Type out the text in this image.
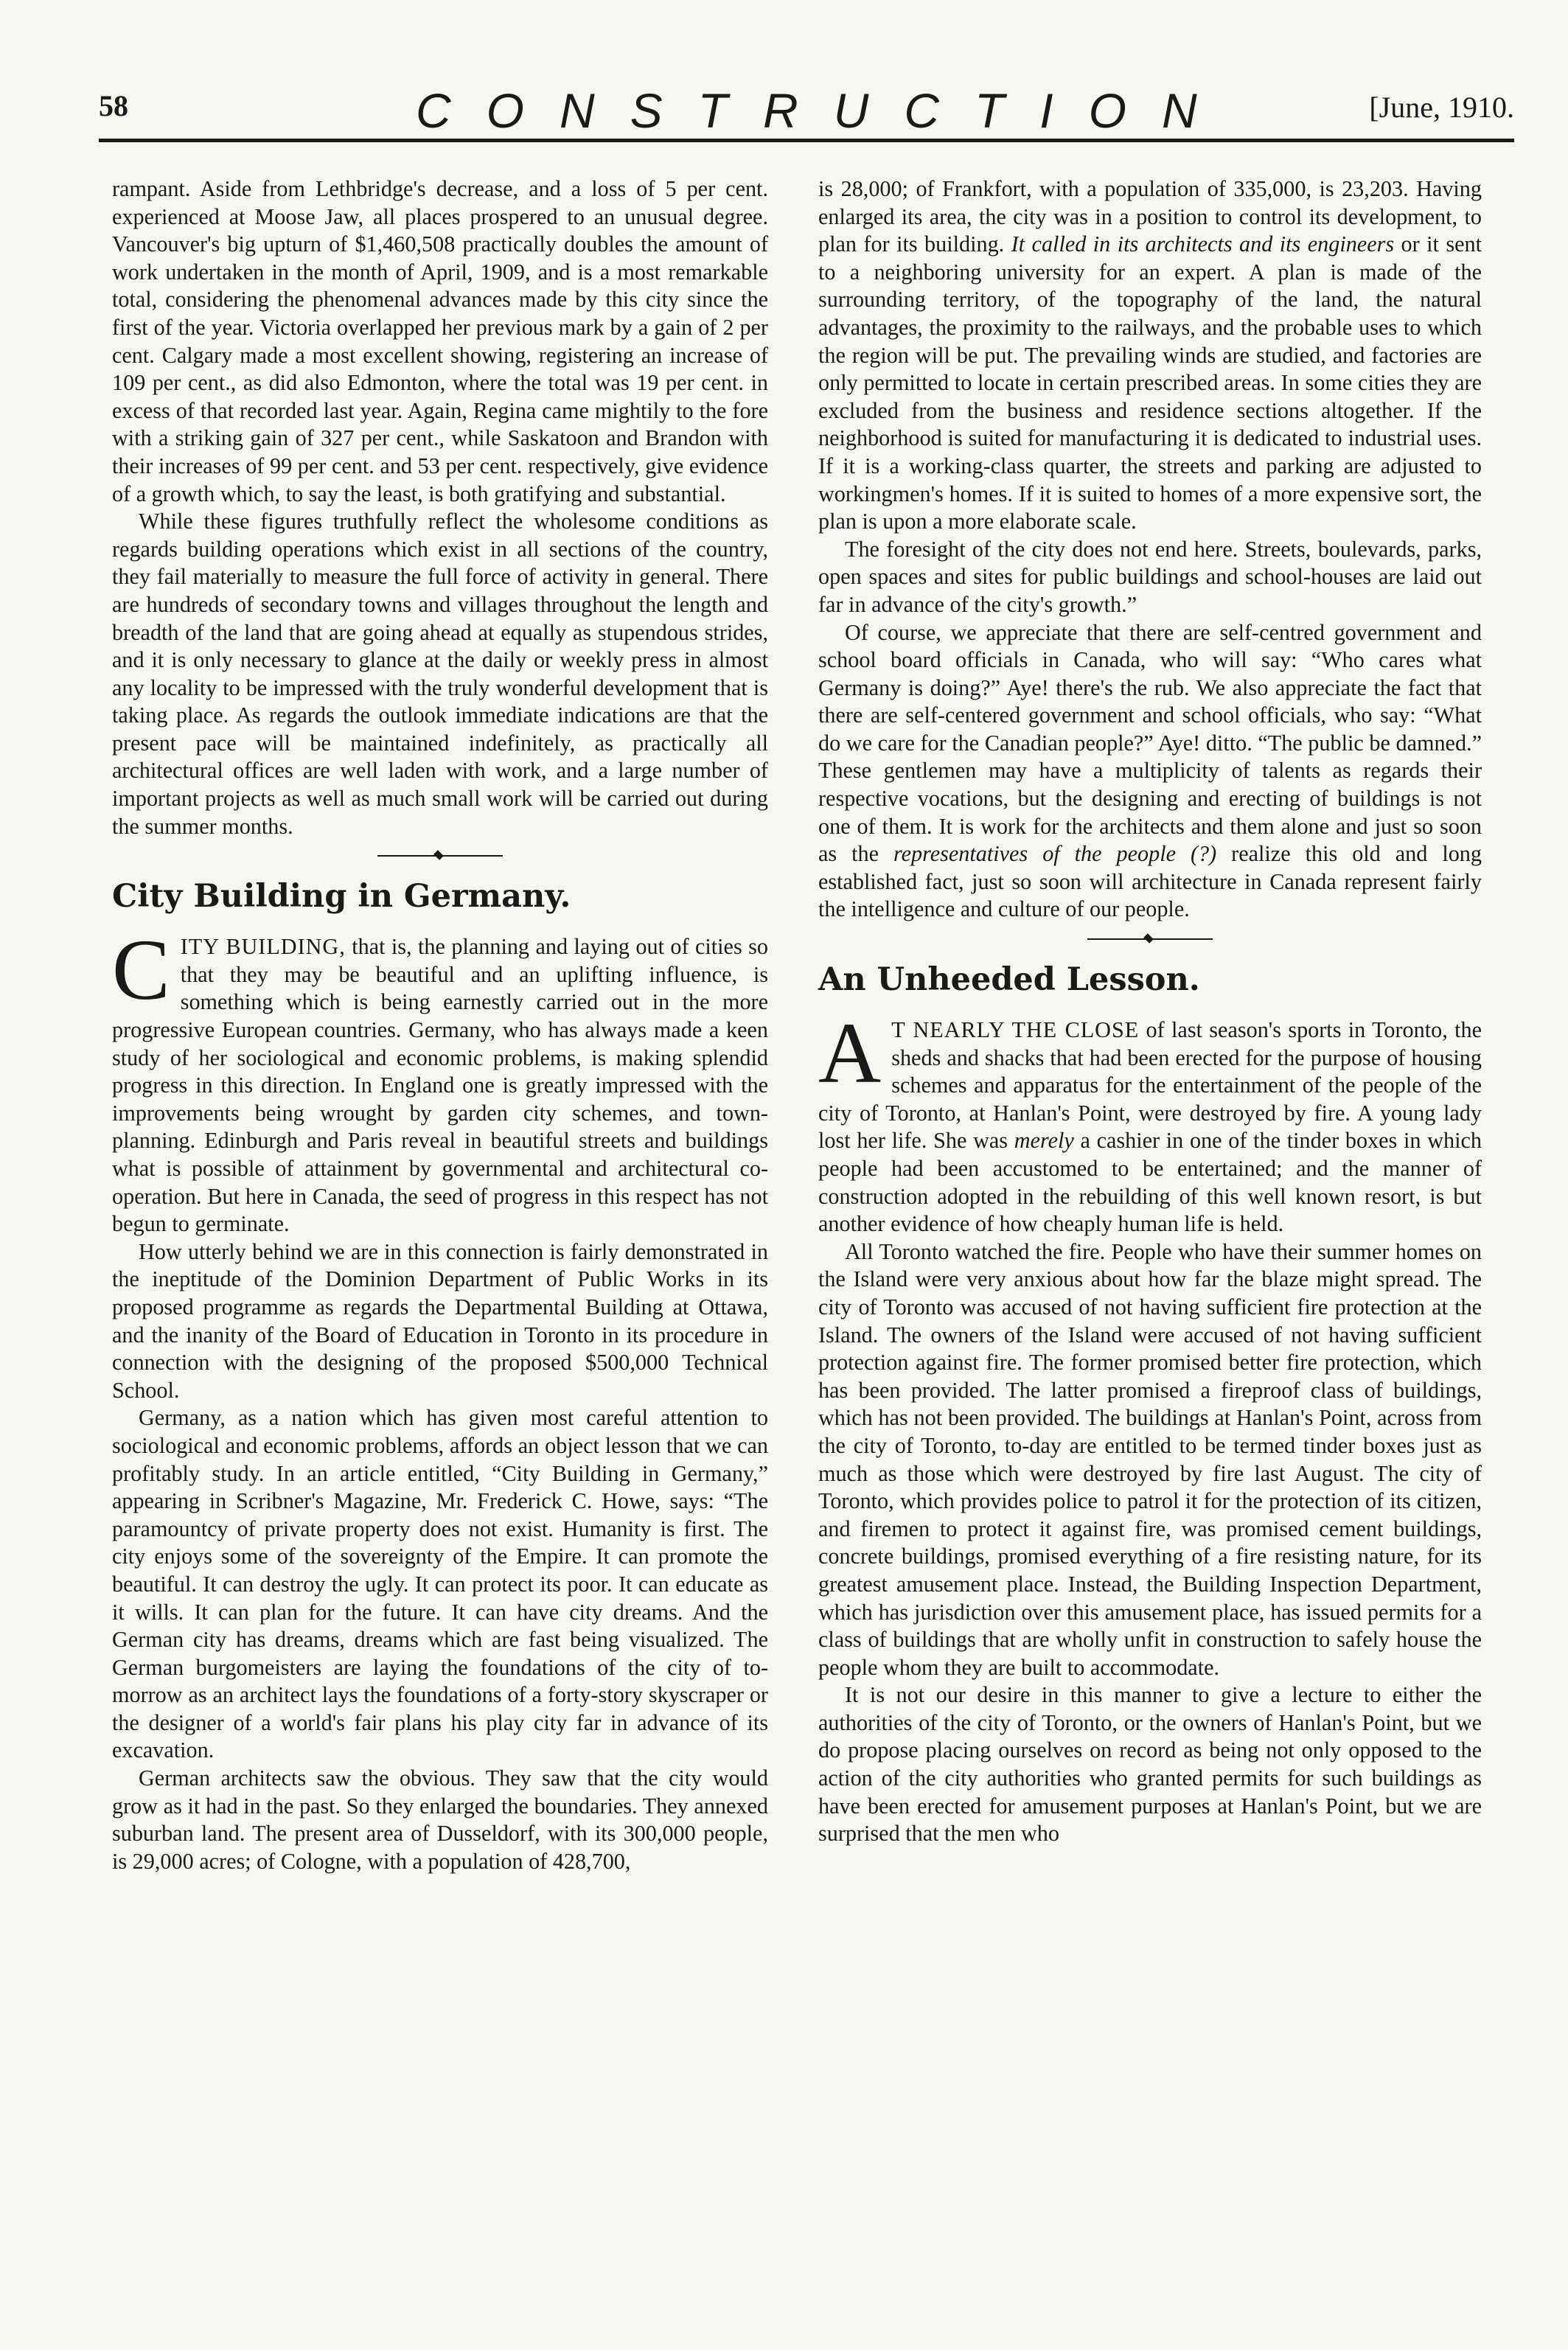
58	CONSTRUCTION	[June, 1910.

rampant. Aside from Lethbridge's decrease, and a loss of 5 per cent. experienced at Moose Jaw, all places prospered to an unusual degree. Vancouver's big upturn of $1,460,508 practically doubles the amount of work undertaken in the month of April, 1909, and is a most remarkable total, considering the phenomenal advances made by this city since the first of the year. Victoria overlapped her previous mark by a gain of 2 per cent. Calgary made a most excellent showing, registering an increase of 109 per cent., as did also Edmonton, where the total was 19 per cent. in excess of that recorded last year. Again, Regina came mightily to the fore with a striking gain of 327 per cent., while Saskatoon and Brandon with their increases of 99 per cent. and 53 per cent. respectively, give evidence of a growth which, to say the least, is both gratifying and substantial.

While these figures truthfully reflect the wholesome conditions as regards building operations which exist in all sections of the country, they fail materially to measure the full force of activity in general. There are hundreds of secondary towns and villages throughout the length and breadth of the land that are going ahead at equally as stupendous strides, and it is only necessary to glance at the daily or weekly press in almost any locality to be impressed with the truly wonderful development that is taking place. As regards the outlook immediate indications are that the present pace will be maintained indefinitely, as practically all architectural offices are well laden with work, and a large number of important projects as well as much small work will be carried out during the summer months.

City Building in Germany.

CITY BUILDING, that is, the planning and laying out of cities so that they may be beautiful and an uplifting influence, is something which is being earnestly carried out in the more progressive European countries. Germany, who has always made a keen study of her sociological and economic problems, is making splendid progress in this direction. In England one is greatly impressed with the improvements being wrought by garden city schemes, and town-planning. Edinburgh and Paris reveal in beautiful streets and buildings what is possible of attainment by governmental and architectural co-operation. But here in Canada, the seed of progress in this respect has not begun to germinate.

How utterly behind we are in this connection is fairly demonstrated in the ineptitude of the Dominion Department of Public Works in its proposed programme as regards the Departmental Building at Ottawa, and the inanity of the Board of Education in Toronto in its procedure in connection with the designing of the proposed $500,000 Technical School.

Germany, as a nation which has given most careful attention to sociological and economic problems, affords an object lesson that we can profitably study. In an article entitled, “City Building in Germany,” appearing in Scribner's Magazine, Mr. Frederick C. Howe, says: “The paramountcy of private property does not exist. Humanity is first. The city enjoys some of the sovereignty of the Empire. It can promote the beautiful. It can destroy the ugly. It can protect its poor. It can educate as it wills. It can plan for the future. It can have city dreams. And the German city has dreams, dreams which are fast being visualized. The German burgomeisters are laying the foundations of the city of to-morrow as an architect lays the foundations of a forty-story skyscraper or the designer of a world's fair plans his play city far in advance of its excavation.

German architects saw the obvious. They saw that the city would grow as it had in the past. So they enlarged the boundaries. They annexed suburban land. The present area of Dusseldorf, with its 300,000 people, is 29,000 acres; of Cologne, with a population of 428,700,

is 28,000; of Frankfort, with a population of 335,000, is 23,203. Having enlarged its area, the city was in a position to control its development, to plan for its building. It called in its architects and its engineers or it sent to a neighboring university for an expert. A plan is made of the surrounding territory, of the topography of the land, the natural advantages, the proximity to the railways, and the probable uses to which the region will be put. The prevailing winds are studied, and factories are only permitted to locate in certain prescribed areas. In some cities they are excluded from the business and residence sections altogether. If the neighborhood is suited for manufacturing it is dedicated to industrial uses. If it is a working-class quarter, the streets and parking are adjusted to workingmen's homes. If it is suited to homes of a more expensive sort, the plan is upon a more elaborate scale.

The foresight of the city does not end here. Streets, boulevards, parks, open spaces and sites for public buildings and school-houses are laid out far in advance of the city's growth.”

Of course, we appreciate that there are self-centred government and school board officials in Canada, who will say: “Who cares what Germany is doing?” Aye! there's the rub. We also appreciate the fact that there are self-centered government and school officials, who say: “What do we care for the Canadian people?” Aye! ditto. “The public be damned.” These gentlemen may have a multiplicity of talents as regards their respective vocations, but the designing and erecting of buildings is not one of them. It is work for the architects and them alone and just so soon as the representatives of the people (?) realize this old and long established fact, just so soon will architecture in Canada represent fairly the intelligence and culture of our people.

An Unheeded Lesson.

A T NEARLY THE CLOSE of last season's sports in Toronto, the sheds and shacks that had been erected for the purpose of housing schemes and apparatus for the entertainment of the people of the city of Toronto, at Hanlan's Point, were destroyed by fire. A young lady lost her life. She was merely a cashier in one of the tinder boxes in which people had been accustomed to be entertained; and the manner of construction adopted in the rebuilding of this well known resort, is but another evidence of how cheaply human life is held.

All Toronto watched the fire. People who have their summer homes on the Island were very anxious about how far the blaze might spread. The city of Toronto was accused of not having sufficient fire protection at the Island. The owners of the Island were accused of not having sufficient protection against fire. The former promised better fire protection, which has been provided. The latter promised a fireproof class of buildings, which has not been provided. The buildings at Hanlan's Point, across from the city of Toronto, to-day are entitled to be termed tinder boxes just as much as those which were destroyed by fire last August. The city of Toronto, which provides police to patrol it for the protection of its citizen, and firemen to protect it against fire, was promised cement buildings, concrete buildings, promised everything of a fire resisting nature, for its greatest amusement place. Instead, the Building Inspection Department, which has jurisdiction over this amusement place, has issued permits for a class of buildings that are wholly unfit in construction to safely house the people whom they are built to accommodate.

It is not our desire in this manner to give a lecture to either the authorities of the city of Toronto, or the owners of Hanlan's Point, but we do propose placing ourselves on record as being not only opposed to the action of the city authorities who granted permits for such buildings as have been erected for amusement purposes at Hanlan's Point, but we are surprised that the men who
